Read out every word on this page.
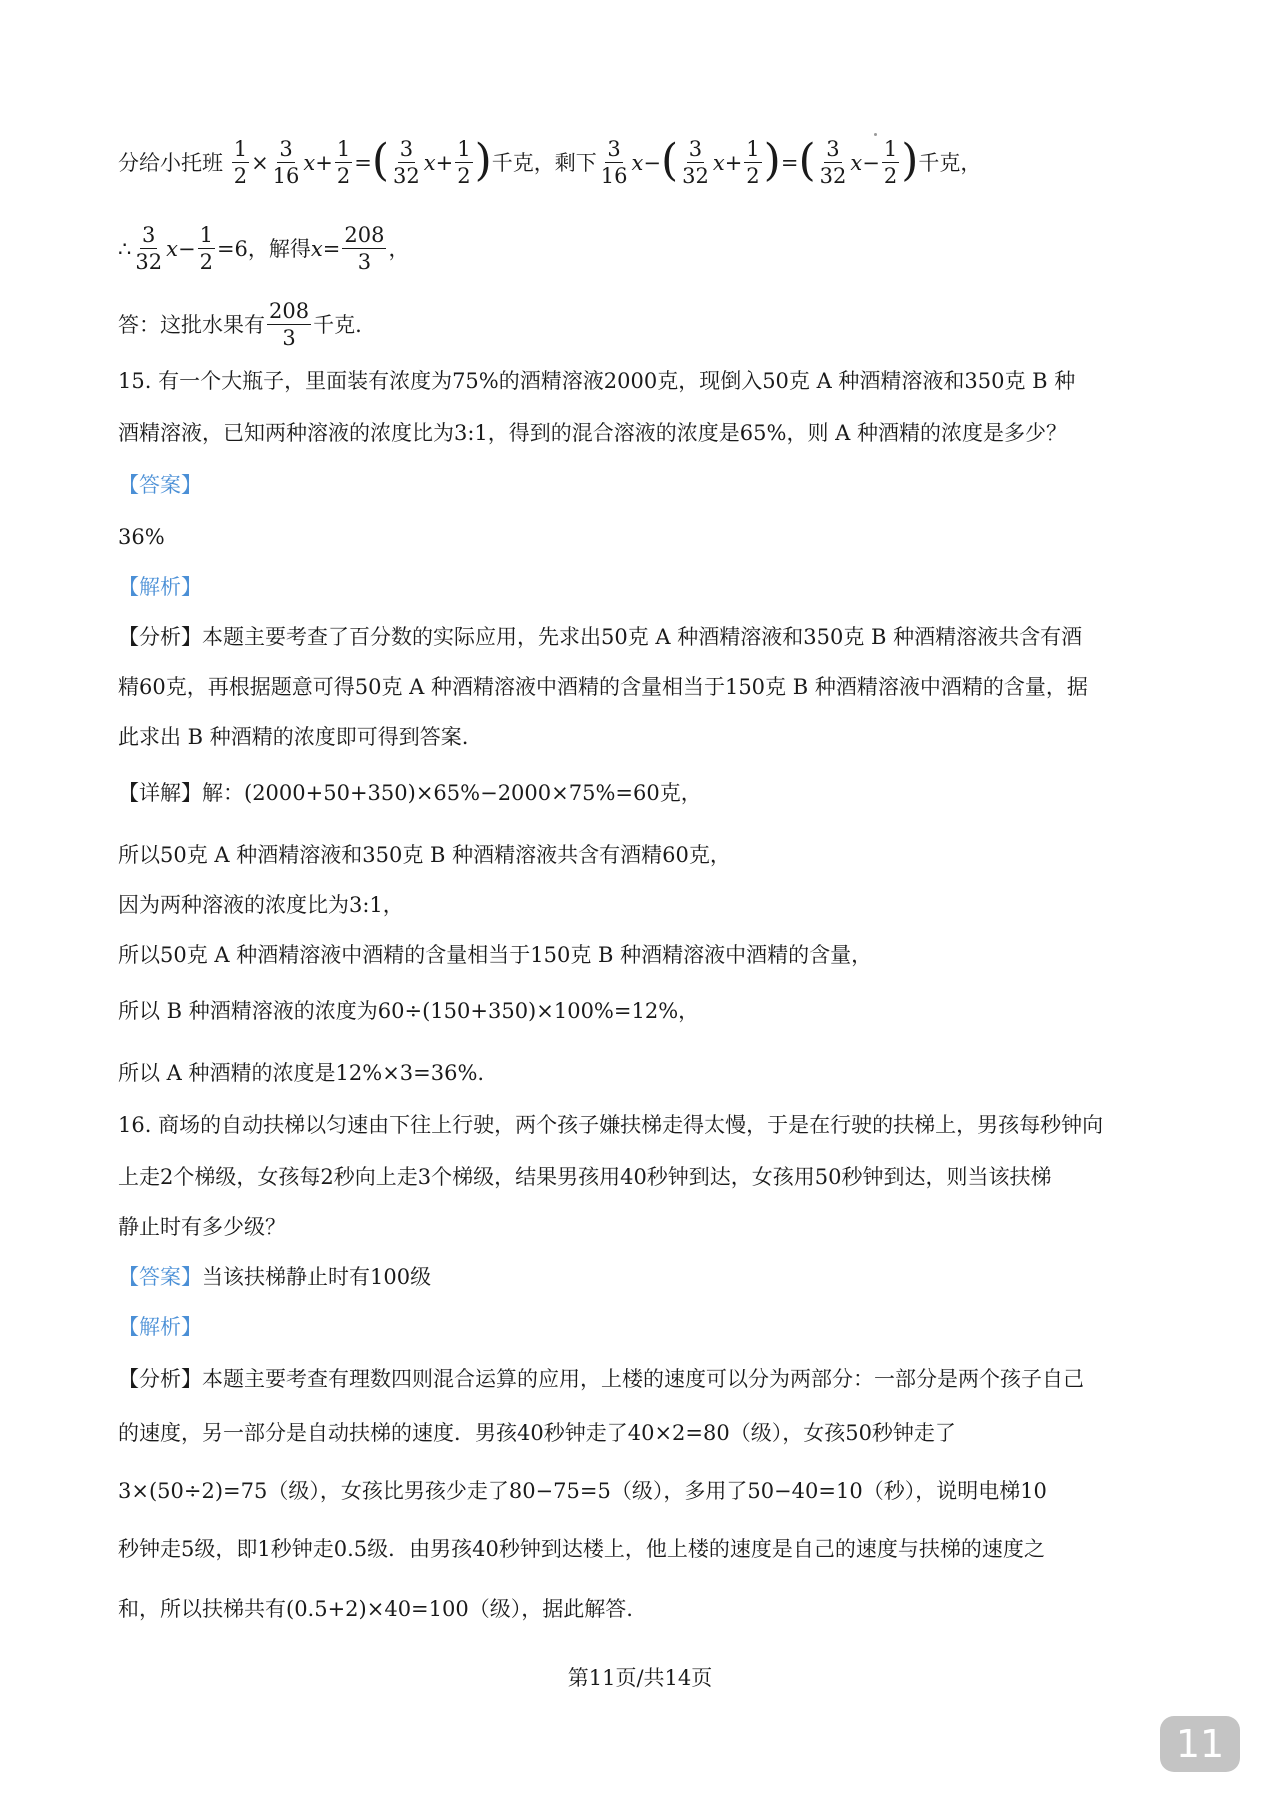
分给小托班 $\frac{1}{2} \times \frac{3}{16} x+ \frac{1}{2}$ =( $\frac{3}{32} x+ \frac{1}{2}$ )千克，剩下 $\frac{3}{16} x-( \frac{3}{32} x+ \frac{1}{2}$ )=( $\frac{3}{32} x- \frac{1}{2}$ )千克，
∴ $\frac{3}{32} x- \frac{1}{2} =6$，解得$x= \frac{208}{3}$ ，
答：这批水果有 $\frac{208}{3}$ 千克.
15. 有一个大瓶子，里面装有浓度为75%的酒精溶液2000克，现倒入50克 A 种酒精溶液和350克 B 种
酒精溶液，已知两种溶液的浓度比为3:1，得到的混合溶液的浓度是65%，则 A 种酒精的浓度是多少？
【答案】
36%
【解析】
【分析】本题主要考查了百分数的实际应用，先求出50克 A 种酒精溶液和350克 B 种酒精溶液共含有酒
精60克，再根据题意可得50克 A 种酒精溶液中酒精的含量相当于150克 B 种酒精溶液中酒精的含量，据
此求出 B 种酒精的浓度即可得到答案.
【详解】解：(2000+50+350)×65%−2000×75%=60克，
所以50克 A 种酒精溶液和350克 B 种酒精溶液共含有酒精60克，
因为两种溶液的浓度比为3:1，
所以50克 A 种酒精溶液中酒精的含量相当于150克 B 种酒精溶液中酒精的含量，
所以 B 种酒精溶液的浓度为60÷(150+350)×100%=12%，
所以 A 种酒精的浓度是12%×3=36%.
16. 商场的自动扶梯以匀速由下往上行驶，两个孩子嫌扶梯走得太慢，于是在行驶的扶梯上，男孩每秒钟向
上走2个梯级，女孩每2秒向上走3个梯级，结果男孩用40秒钟到达，女孩用50秒钟到达，则当该扶梯
静止时有多少级？
【答案】当该扶梯静止时有100级
【解析】
【分析】本题主要考查有理数四则混合运算的应用，上楼的速度可以分为两部分：一部分是两个孩子自己
的速度，另一部分是自动扶梯的速度．男孩40秒钟走了40×2=80（级），女孩50秒钟走了
3×(50÷2)=75（级），女孩比男孩少走了80−75=5（级），多用了50−40=10（秒），说明电梯10
秒钟走5级，即1秒钟走0.5级．由男孩40秒钟到达楼上，他上楼的速度是自己的速度与扶梯的速度之
和，所以扶梯共有(0.5+2)×40=100（级），据此解答.
第11页/共14页
11
